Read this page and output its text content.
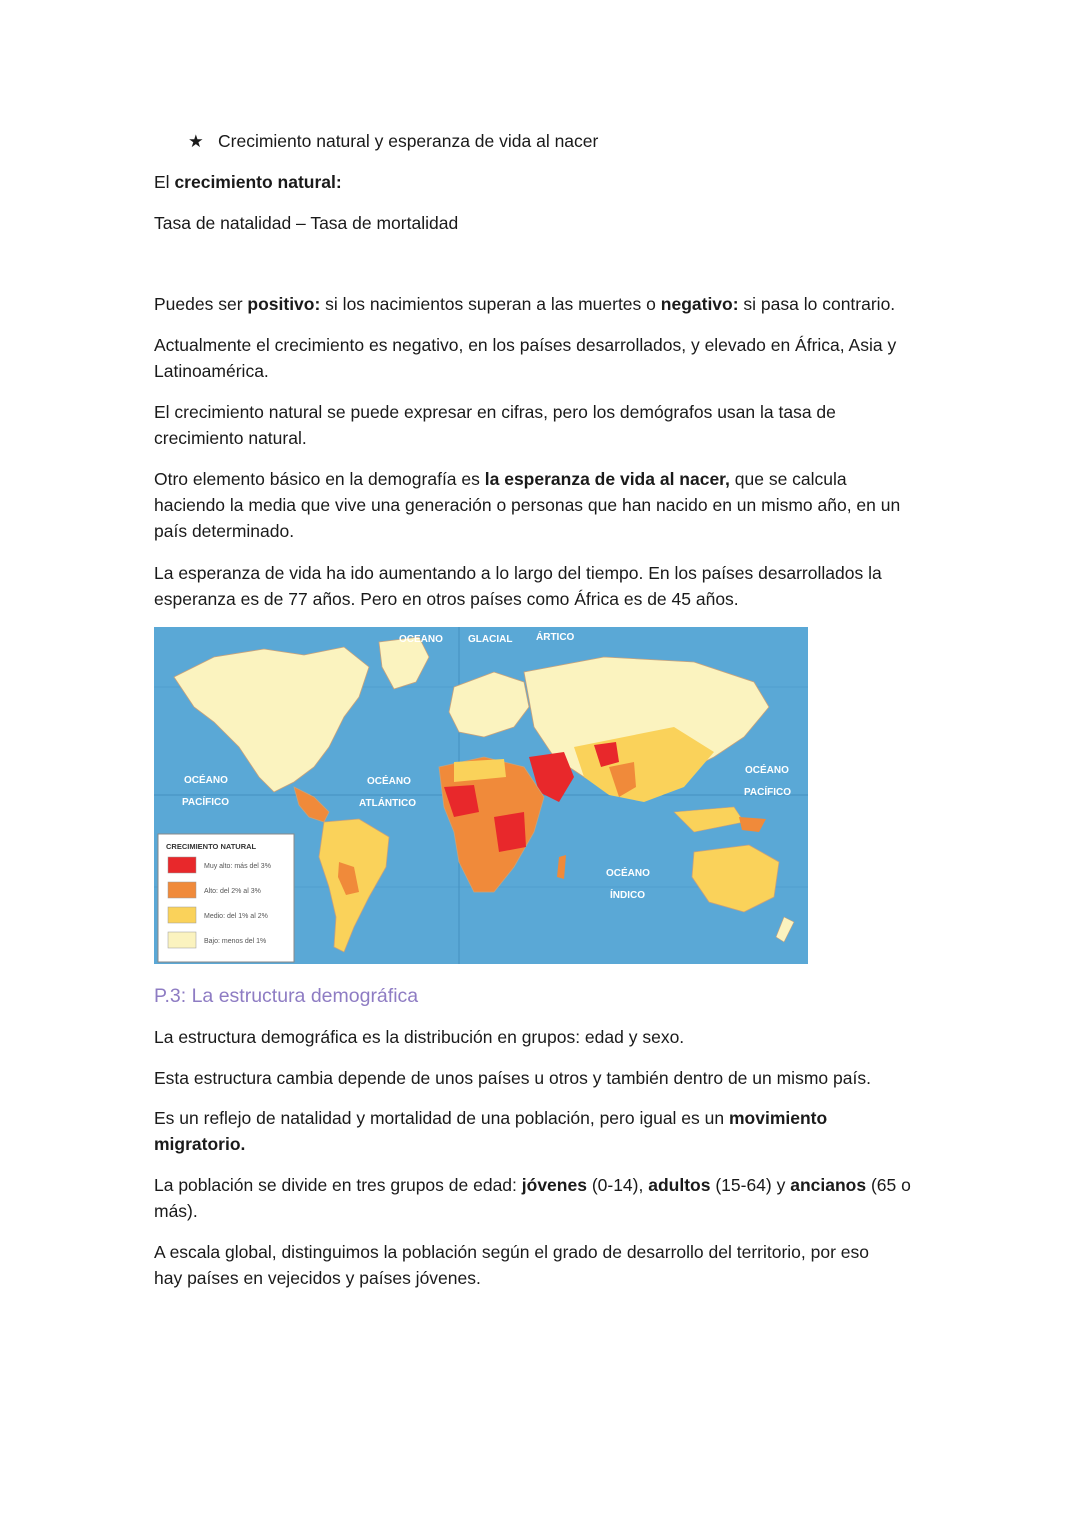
★ Crecimiento natural y esperanza de vida al nacer

El crecimiento natural:

Tasa de natalidad – Tasa de mortalidad

Puedes ser positivo: si los nacimientos superan a las muertes o negativo: si pasa lo contrario.

Actualmente el crecimiento es negativo, en los países desarrollados, y elevado en África, Asia y
Latinoamérica.

El crecimiento natural se puede expresar en cifras, pero los demógrafos usan la tasa de
crecimiento natural.

Otro elemento básico en la demografía es la esperanza de vida al nacer, que se calcula
haciendo la media que vive una generación o personas que han nacido en un mismo año, en un
país determinado.

La esperanza de vida ha ido aumentando a lo largo del tiempo. En los países desarrollados la
esperanza es de 77 años. Pero en otros países como África es de 45 años.

P.3: La estructura demográfica

La estructura demográfica es la distribución en grupos: edad y sexo.

Esta estructura cambia depende de unos países u otros y también dentro de un mismo país.

Es un reflejo de natalidad y mortalidad de una población, pero igual es un movimiento
migratorio.

La población se divide en tres grupos de edad: jóvenes (0-14), adultos (15-64) y ancianos (65 o
más).

A escala global, distinguimos la población según el grado de desarrollo del territorio, por eso
hay países en vejecidos y países jóvenes.

OCEANO	GLACIAL ÁRTICO
OCÉANO
PACÍFICO
OCÉANO
ATLÁNTICO
OCÉANO
PACÍFICO
OCÉANO
ÍNDICO
CRECIMIENTO NATURAL
Muy alto: más del 3%
Alto: del 2% al 3%
Medio: del 1% al 2%
Bajo: menos del 1%
